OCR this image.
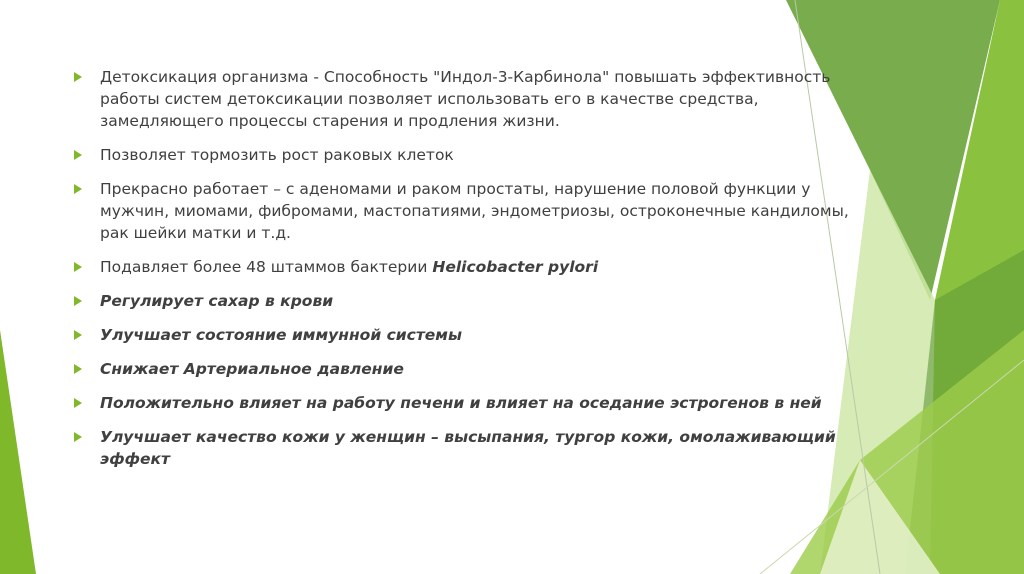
Детоксикация организма - Способность "Индол-3-Карбинола" повышать эффективность работы систем детоксикации позволяет использовать его в качестве средства, замедляющего процессы старения и продления жизни.
Позволяет тормозить рост раковых клеток
Прекрасно работает – с аденомами и раком простаты, нарушение половой функции у мужчин, миомами, фибромами, мастопатиями, эндометриозы, остроконечные кандиломы, рак шейки матки и т.д.
Подавляет более 48 штаммов бактерии Helicobacter pylori
Регулирует сахар в крови
Улучшает состояние иммунной системы
Снижает Артериальное давление
Положительно влияет на работу печени и влияет на оседание эстрогенов в ней
Улучшает качество кожи у женщин – высыпания, тургор кожи, омолаживающий эффект
